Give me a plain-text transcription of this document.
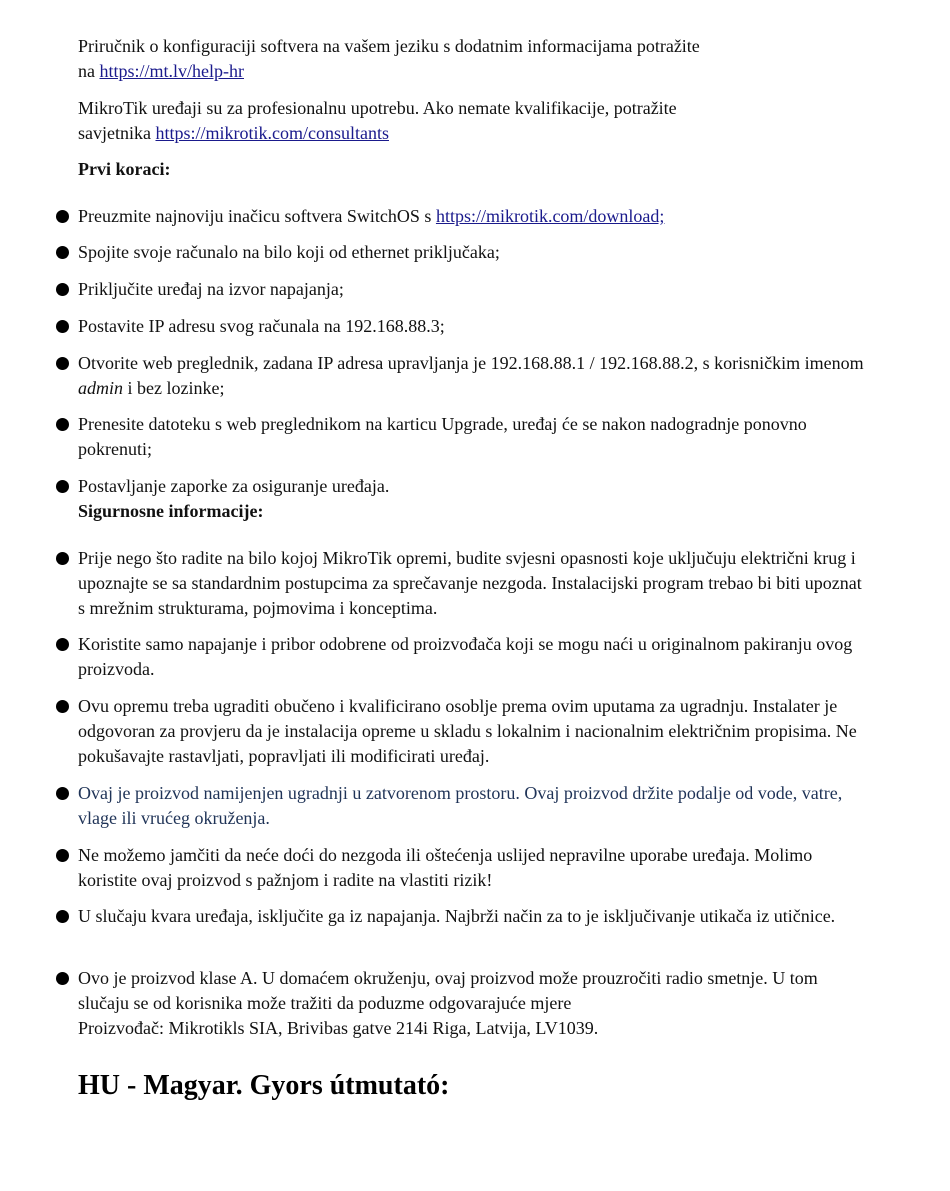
Priručnik o konfiguraciji softvera na vašem jeziku s dodatnim informacijama potražite
na https://mt.lv/help-hr

MikroTik uređaji su za profesionalnu upotrebu. Ako nemate kvalifikacije, potražite
savjetnika https://mikrotik.com/consultants

Prvi koraci:

Preuzmite najnoviju inačicu softvera SwitchOS s https://mikrotik.com/download;
Spojite svoje računalo na bilo koji od ethernet priključaka;
Priključite uređaj na izvor napajanja;
Postavite IP adresu svog računala na 192.168.88.3;
Otvorite web preglednik, zadana IP adresa upravljanja je 192.168.88.1 / 192.168.88.2, s korisničkim imenom admin i bez lozinke;
Prenesite datoteku s web preglednikom na karticu Upgrade, uređaj će se nakon nadogradnje ponovno pokrenuti;
Postavljanje zaporke za osiguranje uređaja.

Sigurnosne informacije:

Prije nego što radite na bilo kojoj MikroTik opremi, budite svjesni opasnosti koje uključuju električni krug i upoznajte se sa standardnim postupcima za sprečavanje nezgoda. Instalacijski program trebao bi biti upoznat s mrežnim strukturama, pojmovima i konceptima.
Koristite samo napajanje i pribor odobrene od proizvođača koji se mogu naći u originalnom pakiranju ovog proizvoda.
Ovu opremu treba ugraditi obučeno i kvalificirano osoblje prema ovim uputama za ugradnju. Instalater je odgovoran za provjeru da je instalacija opreme u skladu s lokalnim i nacionalnim električnim propisima. Ne pokušavajte rastavljati, popravljati ili modificirati uređaj.
Ovaj je proizvod namijenjen ugradnji u zatvorenom prostoru. Ovaj proizvod držite podalje od vode, vatre, vlage ili vrućeg okruženja.
Ne možemo jamčiti da neće doći do nezgoda ili oštećenja uslijed nepravilne uporabe uređaja. Molimo koristite ovaj proizvod s pažnjom i radite na vlastiti rizik!
U slučaju kvara uređaja, isključite ga iz napajanja. Najbrži način za to je isključivanje utikača iz utičnice.
Ovo je proizvod klase A. U domaćem okruženju, ovaj proizvod može prouzročiti radio smetnje. U tom slučaju se od korisnika može tražiti da poduzme odgovarajuće mjere
Proizvođač: Mikrotikls SIA, Brivibas gatve 214i Riga, Latvija, LV1039.
HU - Magyar. Gyors útmutató:
